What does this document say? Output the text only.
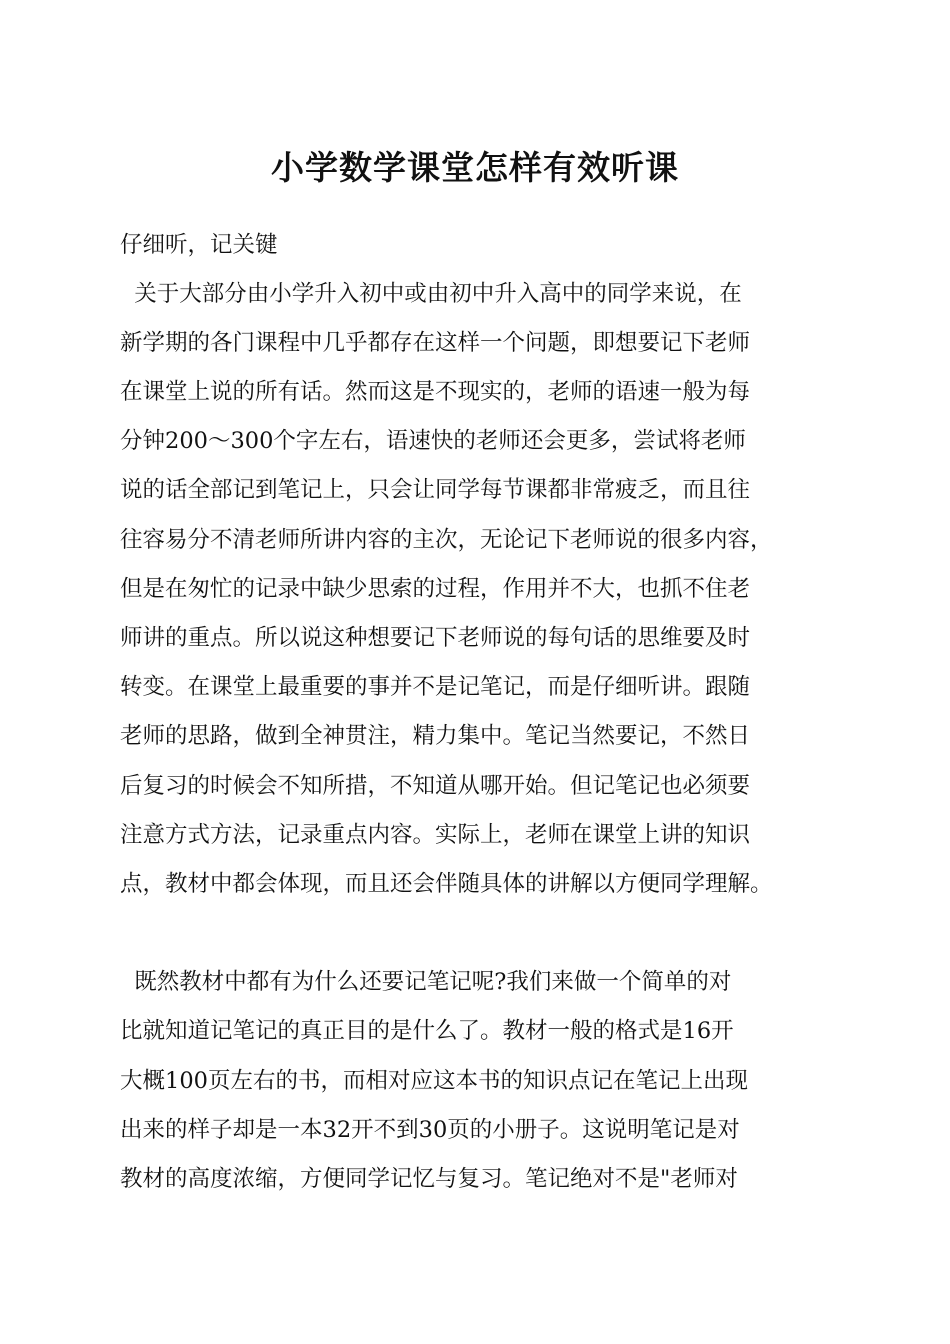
小学数学课堂怎样有效听课
仔细听，记关键
关于大部分由小学升入初中或由初中升入高中的同学来说，在
新学期的各门课程中几乎都存在这样一个问题，即想要记下老师
在课堂上说的所有话。然而这是不现实的，老师的语速一般为每
分钟200～300个字左右，语速快的老师还会更多，尝试将老师
说的话全部记到笔记上，只会让同学每节课都非常疲乏，而且往
往容易分不清老师所讲内容的主次，无论记下老师说的很多内容，
但是在匆忙的记录中缺少思索的过程，作用并不大，也抓不住老
师讲的重点。所以说这种想要记下老师说的每句话的思维要及时
转变。在课堂上最重要的事并不是记笔记，而是仔细听讲。跟随
老师的思路，做到全神贯注，精力集中。笔记当然要记，不然日
后复习的时候会不知所措，不知道从哪开始。但记笔记也必须要
注意方式方法，记录重点内容。实际上，老师在课堂上讲的知识
点，教材中都会体现，而且还会伴随具体的讲解以方便同学理解。
既然教材中都有为什么还要记笔记呢?我们来做一个简单的对
比就知道记笔记的真正目的是什么了。教材一般的格式是16开
大概100页左右的书，而相对应这本书的知识点记在笔记上出现
出来的样子却是一本32开不到30页的小册子。这说明笔记是对
教材的高度浓缩，方便同学记忆与复习。笔记绝对不是"老师对
